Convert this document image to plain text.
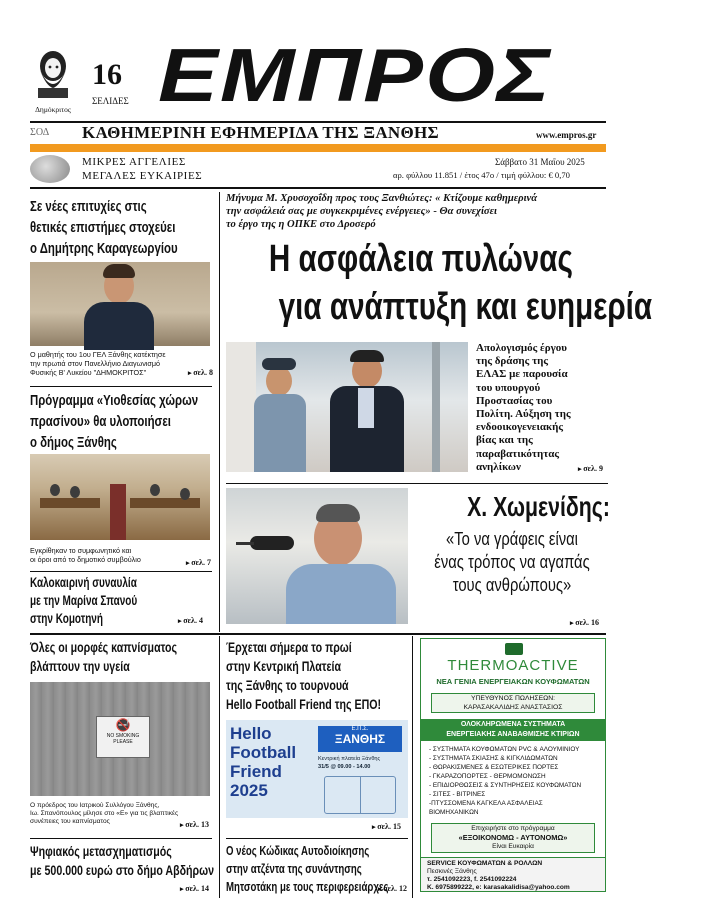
Δημόκριτος
16
ΣΕΛΙΔΕΣ ΕΜΠΡΟΣ
ΣΟΔ ΚΑΘΗΜΕΡΙΝΗ ΕΦΗΜΕΡΙΔΑ ΤΗΣ ΞΑΝΘΗΣ	www.empros.gr
ΜΙΚΡΕΣ ΑΓΓΕΛΙΕΣ
ΜΕΓΑΛΕΣ ΕΥΚΑΙΡΙΕΣ
Σάββατο 31 Μαΐου 2025
αρ. φύλλου 11.851 / έτος 47ο / τιμή φύλλου: € 0,70
Σε νέες επιτυχίες στις
θετικές επιστήμες στοχεύει
ο Δημήτρης Καραγεωργίου
Ο μαθητής του 1ου ΓΕΛ Ξάνθης κατέκτησε
την πρωτιά στον Πανελλήνιο Διαγωνισμό
Φυσικής Β' Λυκείου "ΔΗΜΟΚΡΙΤΟΣ"	▸ σελ. 8
Πρόγραμμα «Υιοθεσίας χώρων
πρασίνου» θα υλοποιήσει
ο δήμος Ξάνθης
Εγκρίθηκαν το συμφωνητικό και
οι όροι από το δημοτικό συμβούλιο	▸ σελ. 7
Καλοκαιρινή συναυλία
με την Μαρίνα Σπανού
στην Κομοτηνή	▸ σελ. 4
Όλες οι μορφές καπνίσματος
βλάπτουν την υγεία
🚭
NO SMOKING
PLEASE
Ο πρόεδρος του Ιατρικού Συλλόγου Ξάνθης,
Ιω. Σπανόπουλος μίλησε στο «Ε» για τις βλαπτικές
συνέπειες του καπνίσματος	▸ σελ. 13
Ψηφιακός μετασχηματισμός
με 500.000 ευρώ στο δήμο Αβδήρων
▸ σελ. 14
Μήνυμα Μ. Χρυσοχοΐδη προς τους Ξανθιώτες: « Κτίζουμε καθημερινά
την ασφάλειά σας με συγκεκριμένες ενέργειες» - Θα συνεχίσει
το έργο της η ΟΠΚΕ στο Δροσερό
Η ασφάλεια πυλώνας
για ανάπτυξη και ευημερία
Απολογισμός έργου
της δράσης της
ΕΛΑΣ με παρουσία
του υπουργού
Προστασίας του
Πολίτη. Αύξηση της
ενδοοικογενειακής
βίας και της
παραβατικότητας
ανηλίκων	▸ σελ. 9
Χ. Χωμενίδης:
«Το να γράφεις είναι
ένας τρόπος να αγαπάς
τους ανθρώπους»
▸ σελ. 16
Έρχεται σήμερα το πρωί
στην Κεντρική Πλατεία
της Ξάνθης το τουρνουά
Hello Football Friend της ΕΠΟ!
Hello
Football
Friend
2025
Ε.Π.Σ.
ΞΑΝΘΗΣ
Κεντρική πλατεία Ξάνθης
31/5 @ 09.00 - 14.00
▸ σελ. 15
Ο νέος Κώδικας Αυτοδιοίκησης
στην ατζέντα της συνάντησης
Μητσοτάκη με τους περιφερειάρχες
▸ σελ. 12
THERMOACTIVE
ΝΕΑ ΓΕΝΙΑ ΕΝΕΡΓΕΙΑΚΩΝ ΚΟΥΦΩΜΑΤΩΝ
ΥΠΕΥΘΥΝΟΣ ΠΩΛΗΣΕΩΝ:
ΚΑΡΑΣΑΚΑΛΙΔΗΣ ΑΝΑΣΤΑΣΙΟΣ
ΟΛΟΚΛΗΡΩΜΕΝΑ ΣΥΣΤΗΜΑΤΑ
ΕΝΕΡΓΕΙΑΚΗΣ ΑΝΑΒΑΘΜΙΣΗΣ ΚΤΙΡΙΩΝ
- ΣΥΣΤΗΜΑΤΑ ΚΟΥΦΩΜΑΤΩΝ PVC & ΑΛΟΥΜΙΝΙΟΥ
- ΣΥΣΤΗΜΑΤΑ ΣΚΙΑΣΗΣ & ΚΙΓΚΛΙΔΩΜΑΤΩΝ
- ΘΩΡΑΚΙΣΜΕΝΕΣ & ΕΣΩΤΕΡΙΚΕΣ ΠΟΡΤΕΣ
- ΓΚΑΡΑΖΟΠΟΡΤΕΣ - ΘΕΡΜΟΜΟΝΩΣΗ
- ΕΠΙΔΙΟΡΘΩΣΕΙΣ & ΣΥΝΤΗΡΗΣΕΙΣ ΚΟΥΦΩΜΑΤΩΝ
- ΣΙΤΕΣ - ΒΙΤΡΙΝΕΣ
-ΠΤΥΣΣΟΜΕΝΑ ΚΑΓΚΕΛΑ ΑΣΦΑΛΕΙΑΣ
ΒΙΟΜΗΧΑΝΙΚΩΝ
Επιχειρήστε στο πρόγραμμα
«ΕΞΟΙΚΟΝΟΜΩ - ΑΥΤΟΝΟΜΩ»
Είναι Ευκαιρία
SERVICE ΚΟΥΦΩΜΑΤΩΝ & ΡΟΛΛΩΝ
Πεσκινές Ξάνθης
τ. 2541092223, f. 2541092224
Κ. 6975899222, e: karasakalidisa@yahoo.com
